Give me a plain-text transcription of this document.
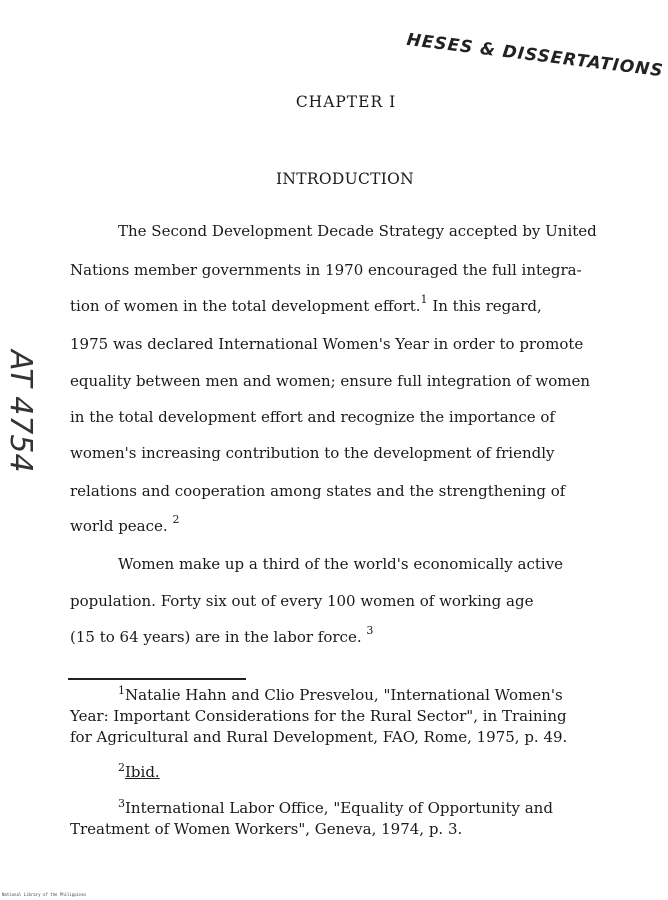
HESES & DISSERTATIONS
CHAPTER I
INTRODUCTION
AT 4754
The Second Development Decade Strategy accepted by United
Nations member governments in 1970 encouraged the full integra-
tion of women in the total development effort.$^1$ In this regard,
1975 was declared International Women's Year in order to promote
equality between men and women; ensure full integration of women
in the total development effort and recognize the importance of
women's increasing contribution to the development of friendly
relations and cooperation among states and the strengthening of
world peace. $^2$
Women make up a third of the world's economically active
population. Forty six out of every 100 women of working age
(15 to 64 years) are in the labor force. $^3$
$^1$Natalie Hahn and Clio Presvelou, "International Women's
Year: Important Considerations for the Rural Sector", in Training
for Agricultural and Rural Development, FAO, Rome, 1975, p. 49.
$^2$Ibid.
$^3$International Labor Office, "Equality of Opportunity and
Treatment of Women Workers", Geneva, 1974, p. 3.
National Library of the Philippines
